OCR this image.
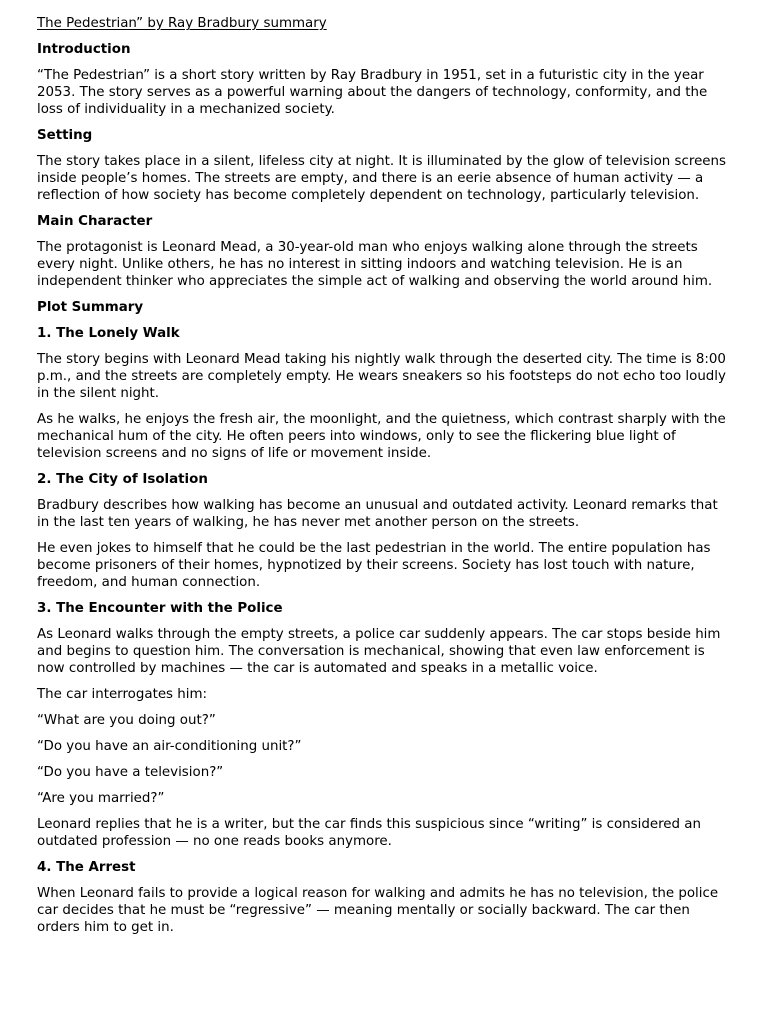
The Pedestrian” by Ray Bradbury summary
Introduction

“The Pedestrian” is a short story written by Ray Bradbury in 1951, set in a futuristic city in the year 2053. The story serves as a powerful warning about the dangers of technology, conformity, and the loss of individuality in a mechanized society.

Setting

The story takes place in a silent, lifeless city at night. It is illuminated by the glow of television screens inside people’s homes. The streets are empty, and there is an eerie absence of human activity — a reflection of how society has become completely dependent on technology, particularly television.

Main Character

The protagonist is Leonard Mead, a 30-year-old man who enjoys walking alone through the streets every night. Unlike others, he has no interest in sitting indoors and watching television. He is an independent thinker who appreciates the simple act of walking and observing the world around him.

Plot Summary
1. The Lonely Walk

The story begins with Leonard Mead taking his nightly walk through the deserted city. The time is 8:00 p.m., and the streets are completely empty. He wears sneakers so his footsteps do not echo too loudly in the silent night.

As he walks, he enjoys the fresh air, the moonlight, and the quietness, which contrast sharply with the mechanical hum of the city. He often peers into windows, only to see the flickering blue light of television screens and no signs of life or movement inside.

2. The City of Isolation

Bradbury describes how walking has become an unusual and outdated activity. Leonard remarks that in the last ten years of walking, he has never met another person on the streets.

He even jokes to himself that he could be the last pedestrian in the world. The entire population has become prisoners of their homes, hypnotized by their screens. Society has lost touch with nature, freedom, and human connection.

3. The Encounter with the Police

As Leonard walks through the empty streets, a police car suddenly appears. The car stops beside him and begins to question him. The conversation is mechanical, showing that even law enforcement is now controlled by machines — the car is automated and speaks in a metallic voice.

The car interrogates him:

“What are you doing out?”

“Do you have an air-conditioning unit?”

“Do you have a television?”

“Are you married?”

Leonard replies that he is a writer, but the car finds this suspicious since “writing” is considered an outdated profession — no one reads books anymore.

4. The Arrest

When Leonard fails to provide a logical reason for walking and admits he has no television, the police car decides that he must be “regressive” — meaning mentally or socially backward. The car then orders him to get in.
